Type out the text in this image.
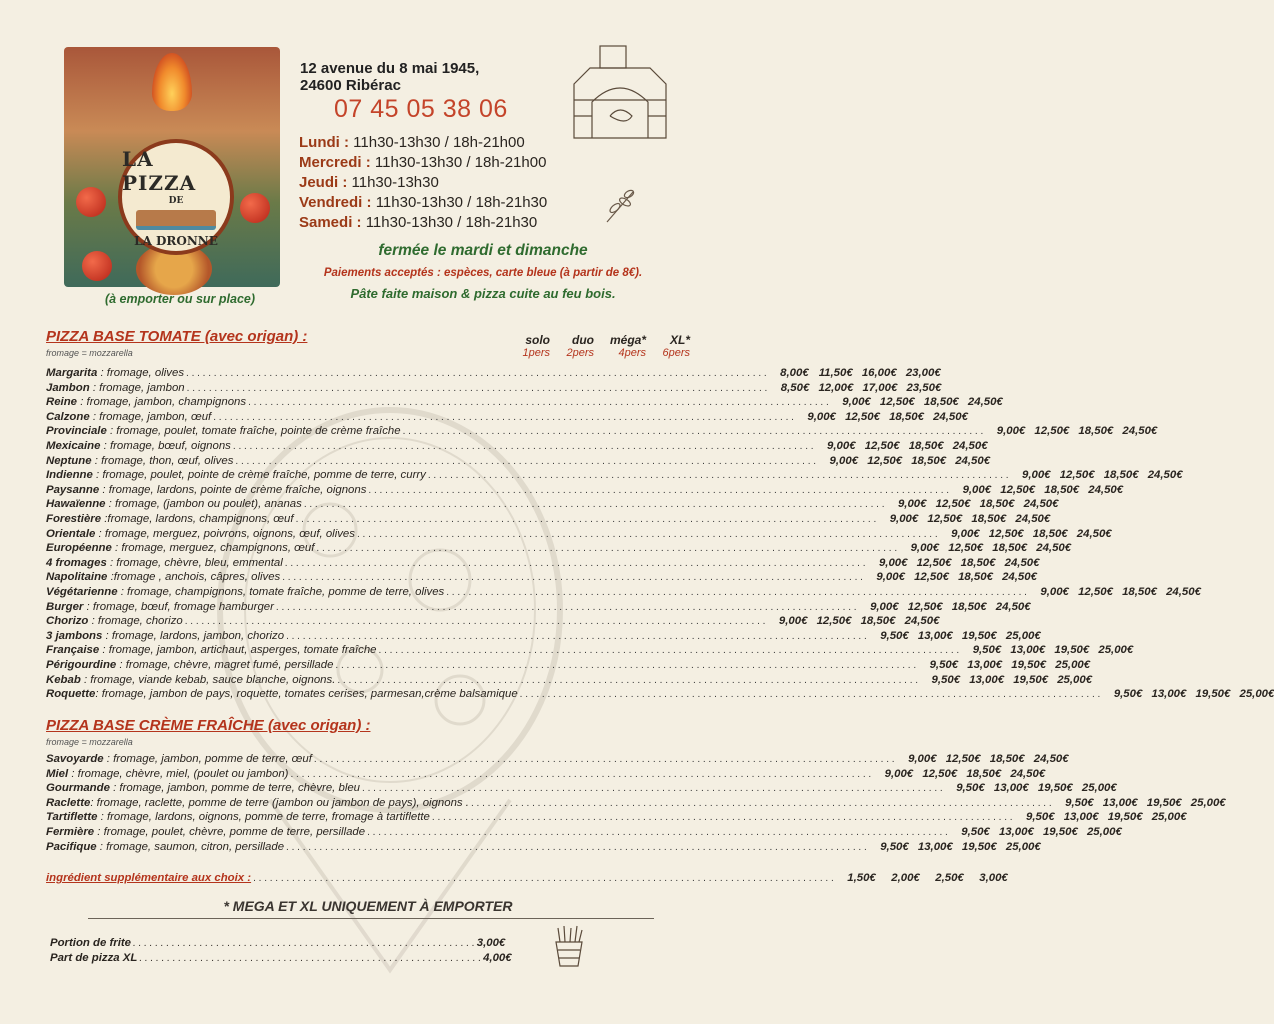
LA PIZZA
DE
LA DRONNE
(à emporter ou sur place)
12 avenue du 8 mai 1945,
24600 Ribérac
07 45 05 38 06
Lundi : 11h30-13h30 / 18h-21h00
Mercredi : 11h30-13h30 / 18h-21h00
Jeudi : 11h30-13h30
Vendredi : 11h30-13h30 / 18h-21h30
Samedi : 11h30-13h30 / 18h-21h30
fermée le mardi et dimanche
Paiements acceptés : espèces, carte bleue (à partir de 8€).
Pâte faite maison & pizza cuite au feu bois.
PIZZA BASE TOMATE (avec origan) :
fromage = mozzarella
solo	duo	méga*	XL*
1pers	2pers	4pers	6pers
Margarita : fromage, olives . . .	8,00€ 11,50€ 16,00€ 23,00€
Jambon : fromage, jambon . . .	8,50€ 12,00€ 17,00€ 23,50€
Reine : fromage, jambon, champignons . . .	9,00€ 12,50€ 18,50€ 24,50€
Calzone : fromage, jambon, œuf . . .	9,00€ 12,50€ 18,50€ 24,50€
Provinciale : fromage, poulet, tomate fraîche, pointe de crème fraîche . . .	9,00€ 12,50€ 18,50€ 24,50€
Mexicaine : fromage, bœuf, oignons . . .	9,00€ 12,50€ 18,50€ 24,50€
Neptune : fromage, thon, œuf, olives . . .	9,00€ 12,50€ 18,50€ 24,50€
Indienne : fromage, poulet, pointe de crème fraîche, pomme de terre, curry . . .	9,00€ 12,50€ 18,50€ 24,50€
Paysanne : fromage, lardons, pointe de crème fraîche, oignons . . .	9,00€ 12,50€ 18,50€ 24,50€
Hawaïenne : fromage, (jambon ou poulet), ananas . . .	9,00€ 12,50€ 18,50€ 24,50€
Forestière :fromage, lardons, champignons, œuf . . .	9,00€ 12,50€ 18,50€ 24,50€
Orientale : fromage, merguez, poivrons, oignons, œuf, olives . . .	9,00€ 12,50€ 18,50€ 24,50€
Européenne : fromage, merguez, champignons, œuf . . .	9,00€ 12,50€ 18,50€ 24,50€
4 fromages : fromage, chèvre, bleu, emmental . . .	9,00€ 12,50€ 18,50€ 24,50€
Napolitaine :fromage , anchois, câpres, olives . . .	9,00€ 12,50€ 18,50€ 24,50€
Végétarienne : fromage, champignons, tomate fraîche, pomme de terre, olives . . .	9,00€ 12,50€ 18,50€ 24,50€
Burger : fromage, bœuf, fromage hamburger . . .	9,00€ 12,50€ 18,50€ 24,50€
Chorizo : fromage, chorizo . . .	9,00€ 12,50€ 18,50€ 24,50€
3 jambons : fromage, lardons, jambon, chorizo . . .	9,50€ 13,00€ 19,50€ 25,00€
Française : fromage, jambon, artichaut, asperges, tomate fraîche . . .	9,50€ 13,00€ 19,50€ 25,00€
Périgourdine : fromage, chèvre, magret fumé, persillade . . .	9,50€ 13,00€ 19,50€ 25,00€
Kebab : fromage, viande kebab, sauce blanche, oignons. . . .	9,50€ 13,00€ 19,50€ 25,00€
Roquette: fromage, jambon de pays, roquette, tomates cerises, parmesan,crème balsamique . . .	9,50€ 13,00€ 19,50€ 25,00€
PIZZA BASE CRÈME FRAÎCHE (avec origan) :
fromage = mozzarella
Savoyarde : fromage, jambon, pomme de terre, œuf . . .	9,00€ 12,50€ 18,50€ 24,50€
Miel : fromage, chèvre, miel, (poulet ou jambon) . . .	9,00€ 12,50€ 18,50€ 24,50€
Gourmande : fromage, jambon, pomme de terre, chèvre, bleu . . .	9,50€ 13,00€ 19,50€ 25,00€
Raclette: fromage, raclette, pomme de terre (jambon ou jambon de pays), oignons . . . .	9,50€ 13,00€ 19,50€ 25,00€
Tartiflette : fromage, lardons, oignons, pomme de terre, fromage à tartiflette . . .	9,50€ 13,00€ 19,50€ 25,00€
Fermière : fromage, poulet, chèvre, pomme de terre, persillade . . .	9,50€ 13,00€ 19,50€ 25,00€
Pacifique : fromage, saumon, citron, persillade . . .	9,50€ 13,00€ 19,50€ 25,00€
ingrédient supplémentaire aux choix : . . .	1,50€	2,00€	2,50€	3,00€
* MEGA ET XL UNIQUEMENT À EMPORTER
Portion de frite . . .	3,00€
Part de pizza XL . . .	4,00€
